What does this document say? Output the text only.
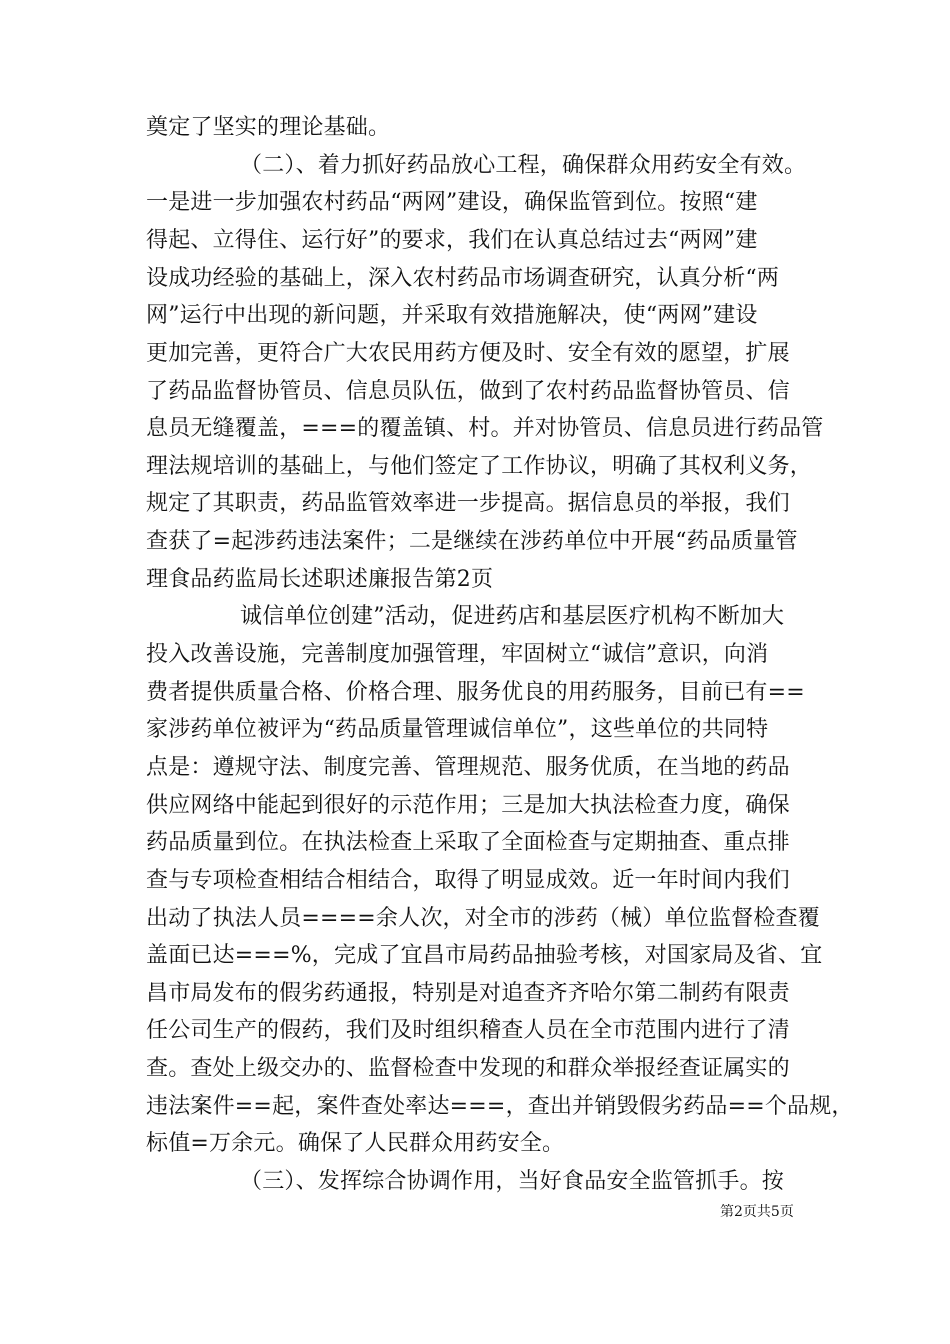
奠定了坚实的理论基础。
（二）、着力抓好药品放心工程，确保群众用药安全有效。
一是进一步加强农村药品“两网”建设，确保监管到位。按照“建
得起、立得住、运行好”的要求，我们在认真总结过去“两网”建
设成功经验的基础上，深入农村药品市场调查研究，认真分析“两
网”运行中出现的新问题，并采取有效措施解决，使“两网”建设
更加完善，更符合广大农民用药方便及时、安全有效的愿望，扩展
了药品监督协管员、信息员队伍，做到了农村药品监督协管员、信
息员无缝覆盖，===的覆盖镇、村。并对协管员、信息员进行药品管
理法规培训的基础上，与他们签定了工作协议，明确了其权利义务，
规定了其职责，药品监管效率进一步提高。据信息员的举报，我们
查获了=起涉药违法案件；二是继续在涉药单位中开展“药品质量管
理食品药监局长述职述廉报告第2页
诚信单位创建”活动，促进药店和基层医疗机构不断加大
投入改善设施，完善制度加强管理，牢固树立“诚信”意识，向消
费者提供质量合格、价格合理、服务优良的用药服务，目前已有==
家涉药单位被评为“药品质量管理诚信单位”，这些单位的共同特
点是：遵规守法、制度完善、管理规范、服务优质，在当地的药品
供应网络中能起到很好的示范作用；三是加大执法检查力度，确保
药品质量到位。在执法检查上采取了全面检查与定期抽查、重点排
查与专项检查相结合相结合，取得了明显成效。近一年时间内我们
出动了执法人员====余人次，对全市的涉药（械）单位监督检查覆
盖面已达===%，完成了宜昌市局药品抽验考核，对国家局及省、宜
昌市局发布的假劣药通报，特别是对追查齐齐哈尔第二制药有限责
任公司生产的假药，我们及时组织稽查人员在全市范围内进行了清
查。查处上级交办的、监督检查中发现的和群众举报经查证属实的
违法案件==起，案件查处率达===，查出并销毁假劣药品==个品规，
标值=万余元。确保了人民群众用药安全。
（三）、发挥综合协调作用，当好食品安全监管抓手。按
第2页共5页
